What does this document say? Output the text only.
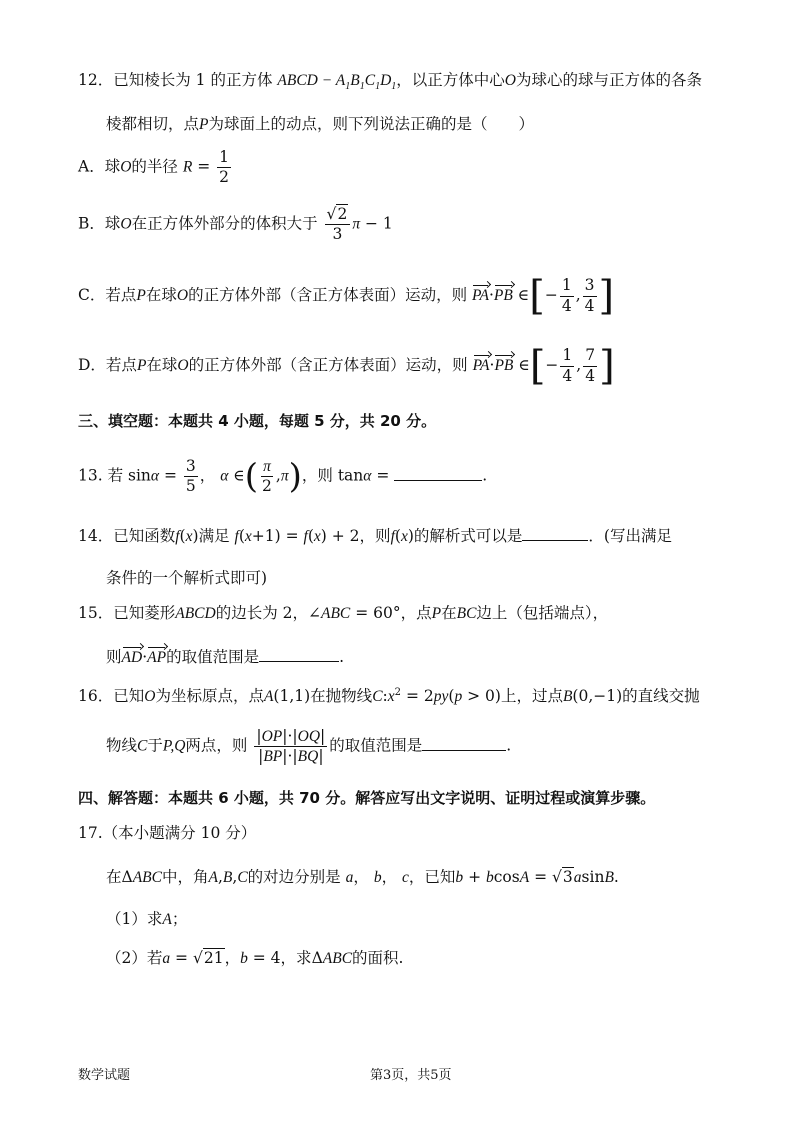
12．已知棱长为 1 的正方体 ABCD − $A_1B_1C_1D_1$，以正方体中心O为球心的球与正方体的各条
棱都相切，点P为球面上的动点，则下列说法正确的是（　　）
A．球O的半径 $R = \frac{1}{2}$
B．球O在正方体外部分的体积大于 $\frac{√2}{3}$ π − 1
C．若点P在球O的正方体外部（含正方体表面）运动，则 PA·PB ∈[− $\frac{1}{4}$ , $\frac{3}{4}$ ]
D．若点P在球O的正方体外部（含正方体表面）运动，则 PA·PB ∈[− $\frac{1}{4}$ , $\frac{7}{4}$ ]
三、填空题：本题共 4 小题，每题 5 分，共 20 分。
13. 若 $\sin\alpha = \frac{3}{5}$ ， α ∈( $\frac{\pi}{2} ,\pi$)，则 tanα =	.
14．已知函数f(x)满足 f(x+1) = f(x) + 2，则f(x)的解析式可以是	．(写出满足
条件的一个解析式即可)
15．已知菱形ABCD的边长为 2，∠ABC = 60°，点P在BC边上（包括端点），
则AD·AP的取值范围是	.
16．已知O为坐标原点，点A(1,1)在抛物线$C:x^2 = 2py(p > 0)$上，过点B(0,−1)的直线交抛
物线C于P,Q两点，则 $\frac{|OP|\cdot|OQ|}{|BP|\cdot|BQ|}$ 的取值范围是	.
四、解答题：本题共 6 小题，共 70 分。解答应写出文字说明、证明过程或演算步骤。
17.（本小题满分 10 分）
在ΔABC中，角A,B,C的对边分别是 a， b， c，已知b + bcosA = √3asinB.
（1）求A；
（2）若a = √21，b = 4，求ΔABC的面积.
数学试题	第3页，共5页
